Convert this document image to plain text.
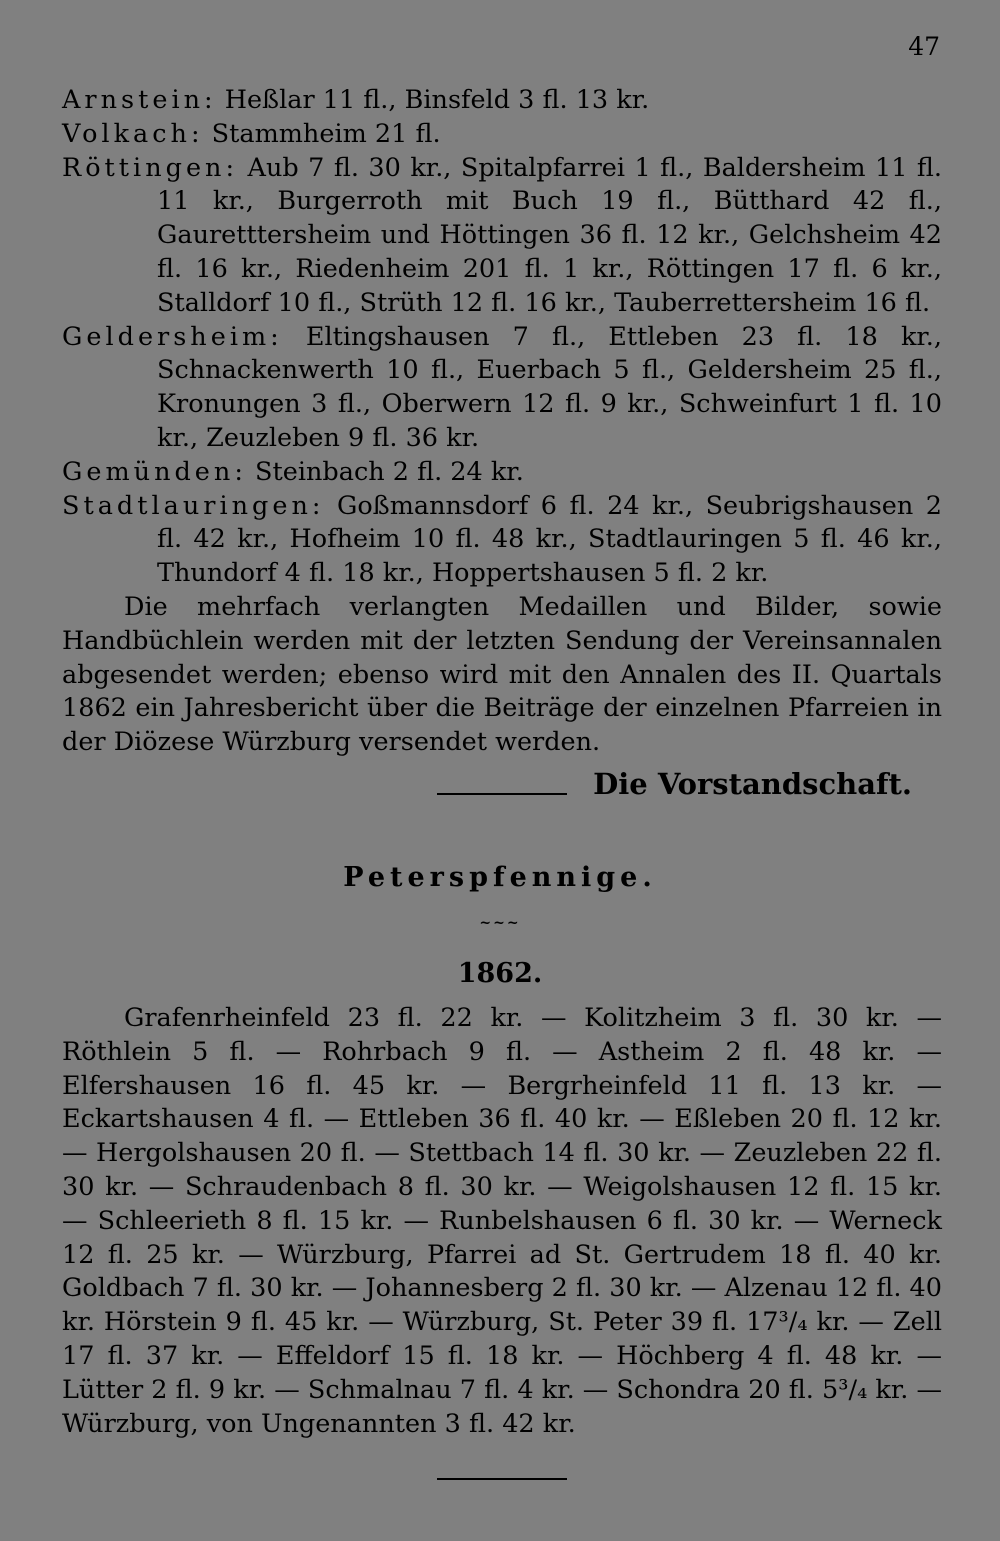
47
Arnstein: Heßlar 11 fl., Binsfeld 3 fl. 13 kr.
Volkach: Stammheim 21 fl.
Röttingen: Aub 7 fl. 30 kr., Spitalpfarrei 1 fl., Baldersheim 11 fl. 11 kr., Burgerroth mit Buch 19 fl., Bütthard 42 fl., Gauretttersheim und Höttingen 36 fl. 12 kr., Gelchsheim 42 fl. 16 kr., Riedenheim 201 fl. 1 kr., Röttingen 17 fl. 6 kr., Stalldorf 10 fl., Strüth 12 fl. 16 kr., Tauberrettersheim 16 fl.
Geldersheim: Eltingshausen 7 fl., Ettleben 23 fl. 18 kr., Schnackenwerth 10 fl., Euerbach 5 fl., Geldersheim 25 fl., Kronungen 3 fl., Oberwern 12 fl. 9 kr., Schweinfurt 1 fl. 10 kr., Zeuzleben 9 fl. 36 kr.
Gemünden: Steinbach 2 fl. 24 kr.
Stadtlauringen: Goßmannsdorf 6 fl. 24 kr., Seubrigshausen 2 fl. 42 kr., Hofheim 10 fl. 48 kr., Stadtlauringen 5 fl. 46 kr., Thundorf 4 fl. 18 kr., Hoppertshausen 5 fl. 2 kr.
Die mehrfach verlangten Medaillen und Bilder, sowie Handbüchlein werden mit der letzten Sendung der Vereinsannalen abgesendet werden; ebenso wird mit den Annalen des II. Quartals 1862 ein Jahresbericht über die Beiträge der einzelnen Pfarreien in der Diözese Würzburg versendet werden.
Die Vorstandschaft.
Peterspfennige.
~~~
1862.
Grafenrheinfeld 23 fl. 22 kr. — Kolitzheim 3 fl. 30 kr. — Röthlein 5 fl. — Rohrbach 9 fl. — Astheim 2 fl. 48 kr. — Elfershausen 16 fl. 45 kr. — Bergrheinfeld 11 fl. 13 kr. — Eckartshausen 4 fl. — Ettleben 36 fl. 40 kr. — Eßleben 20 fl. 12 kr. — Hergolshausen 20 fl. — Stettbach 14 fl. 30 kr. — Zeuzleben 22 fl. 30 kr. — Schraudenbach 8 fl. 30 kr. — Weigolshausen 12 fl. 15 kr. — Schleerieth 8 fl. 15 kr. — Runbelshausen 6 fl. 30 kr. — Werneck 12 fl. 25 kr. — Würzburg, Pfarrei ad St. Gertrudem 18 fl. 40 kr. Goldbach 7 fl. 30 kr. — Johannesberg 2 fl. 30 kr. — Alzenau 12 fl. 40 kr. Hörstein 9 fl. 45 kr. — Würzburg, St. Peter 39 fl. 17³/₄ kr. — Zell 17 fl. 37 kr. — Effeldorf 15 fl. 18 kr. — Höchberg 4 fl. 48 kr. — Lütter 2 fl. 9 kr. — Schmalnau 7 fl. 4 kr. — Schondra 20 fl. 5³/₄ kr. — Würzburg, von Ungenannten 3 fl. 42 kr.
